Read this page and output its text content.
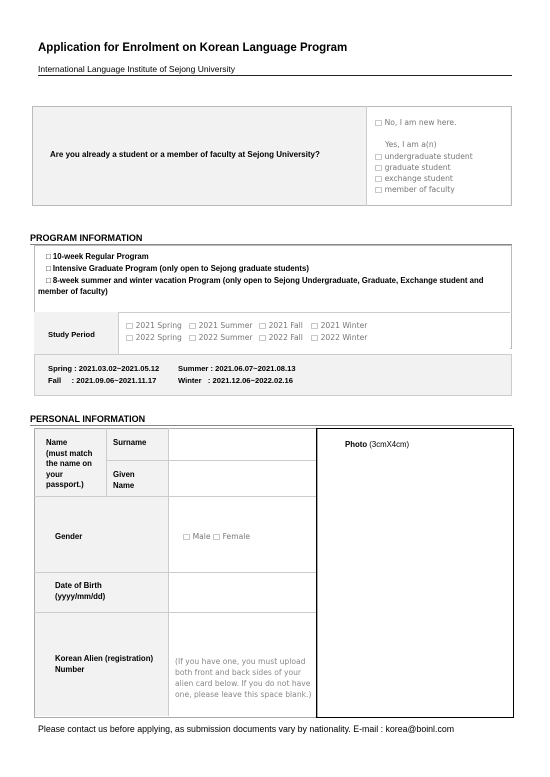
Application for Enrolment on Korean Language Program
International Language Institute of Sejong University
Are you already a student or a member of faculty at Sejong University?
□ No, I am new here.
Yes, I am a(n)
□ undergraduate student
□ graduate student
□ exchange student
□ member of faculty
PROGRAM INFORMATION
□ 10-week Regular Program
□ Intensive Graduate Program (only open to Sejong graduate students)
□ 8-week summer and winter vacation Program (only open to Sejong Undergraduate, Graduate, Exchange student and
member of faculty)
Study Period
□ 2021 Spring □ 2021 Summer □ 2021 Fall □ 2021 Winter
□ 2022 Spring □ 2022 Summer □ 2022 Fall □ 2022 Winter
Spring : 2021.03.02~2021.05.12 Summer : 2021.06.07~2021.08.13
Fall     : 2021.09.06~2021.11.17	Winter   : 2021.12.06~2022.02.16
PERSONAL INFORMATION
Name
(must match
the name on
your
passport.)
Surname
Given
Name
Gender	□ Male □ Female
Date of Birth
(yyyy/mm/dd)
Korean Alien (registration)
Number
(If you have one, you must upload
both front and back sides of your
alien card below. If you do not have
one, please leave this space blank.)
Photo (3cmX4cm)
Please contact us before applying, as submission documents vary by nationality. E-mail : korea@boinl.com
